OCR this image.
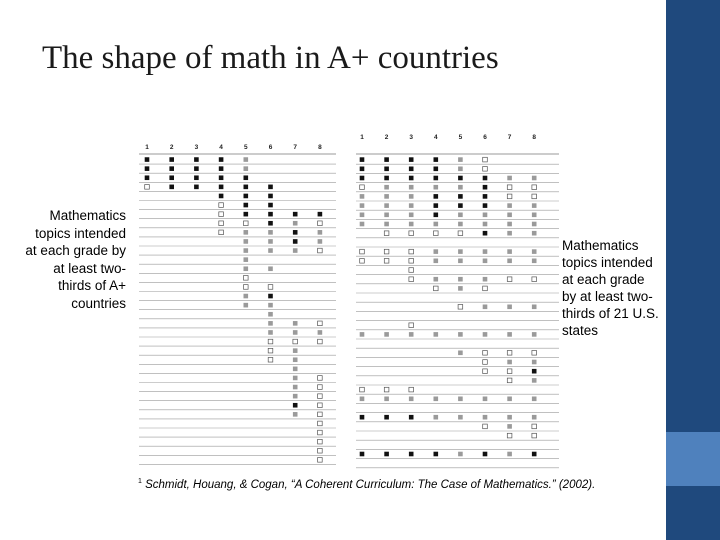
The shape of math in A+ countries
Mathematics topics intended at each grade by at least two-thirds of A+ countries
Mathematics topics intended at each grade by at least two-thirds of 21 U.S. states
1	2	3	4	5	6	7	8
1	2	3	4	5	6	7	8
$^1$ Schmidt, Houang, & Cogan, “A Coherent Curriculum: The Case of Mathematics.” (2002).
